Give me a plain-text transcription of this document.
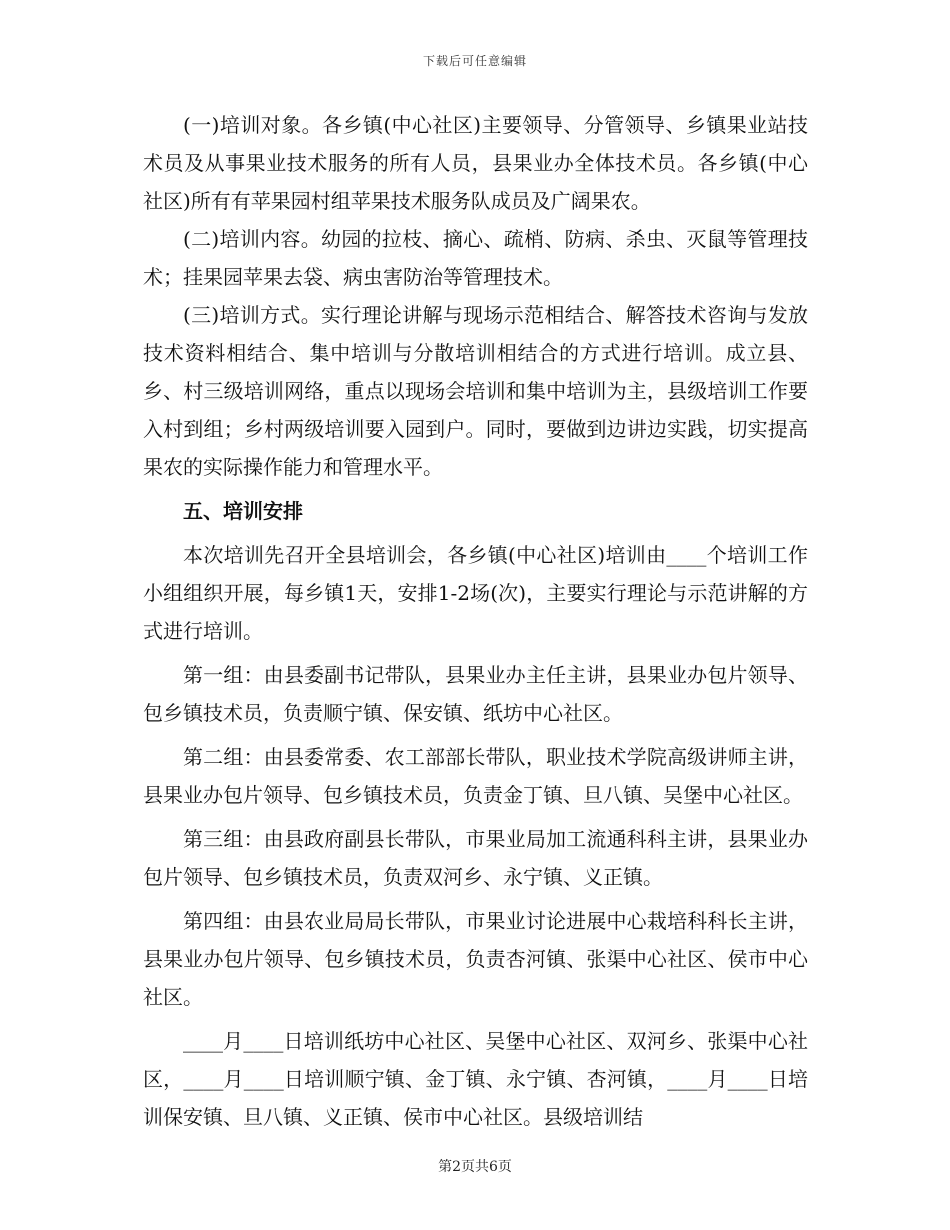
下载后可任意编辑

(一)培训对象。各乡镇(中心社区)主要领导、分管领导、乡镇果业站技术员及从事果业技术服务的所有人员，县果业办全体技术员。各乡镇(中心社区)所有有苹果园村组苹果技术服务队成员及广阔果农。

(二)培训内容。幼园的拉枝、摘心、疏梢、防病、杀虫、灭鼠等管理技术；挂果园苹果去袋、病虫害防治等管理技术。

(三)培训方式。实行理论讲解与现场示范相结合、解答技术咨询与发放技术资料相结合、集中培训与分散培训相结合的方式进行培训。成立县、乡、村三级培训网络，重点以现场会培训和集中培训为主，县级培训工作要入村到组；乡村两级培训要入园到户。同时，要做到边讲边实践，切实提高果农的实际操作能力和管理水平。

五、培训安排

本次培训先召开全县培训会，各乡镇(中心社区)培训由____个培训工作小组组织开展，每乡镇1天，安排1-2场(次)，主要实行理论与示范讲解的方式进行培训。

第一组：由县委副书记带队，县果业办主任主讲，县果业办包片领导、包乡镇技术员，负责顺宁镇、保安镇、纸坊中心社区。

第二组：由县委常委、农工部部长带队，职业技术学院高级讲师主讲，县果业办包片领导、包乡镇技术员，负责金丁镇、旦八镇、吴堡中心社区。

第三组：由县政府副县长带队，市果业局加工流通科科主讲，县果业办包片领导、包乡镇技术员，负责双河乡、永宁镇、义正镇。

第四组：由县农业局局长带队，市果业讨论进展中心栽培科科长主讲，县果业办包片领导、包乡镇技术员，负责杏河镇、张渠中心社区、侯市中心社区。

____月____日培训纸坊中心社区、吴堡中心社区、双河乡、张渠中心社区，____月____日培训顺宁镇、金丁镇、永宁镇、杏河镇，____月____日培训保安镇、旦八镇、义正镇、侯市中心社区。县级培训结

第2页共6页
